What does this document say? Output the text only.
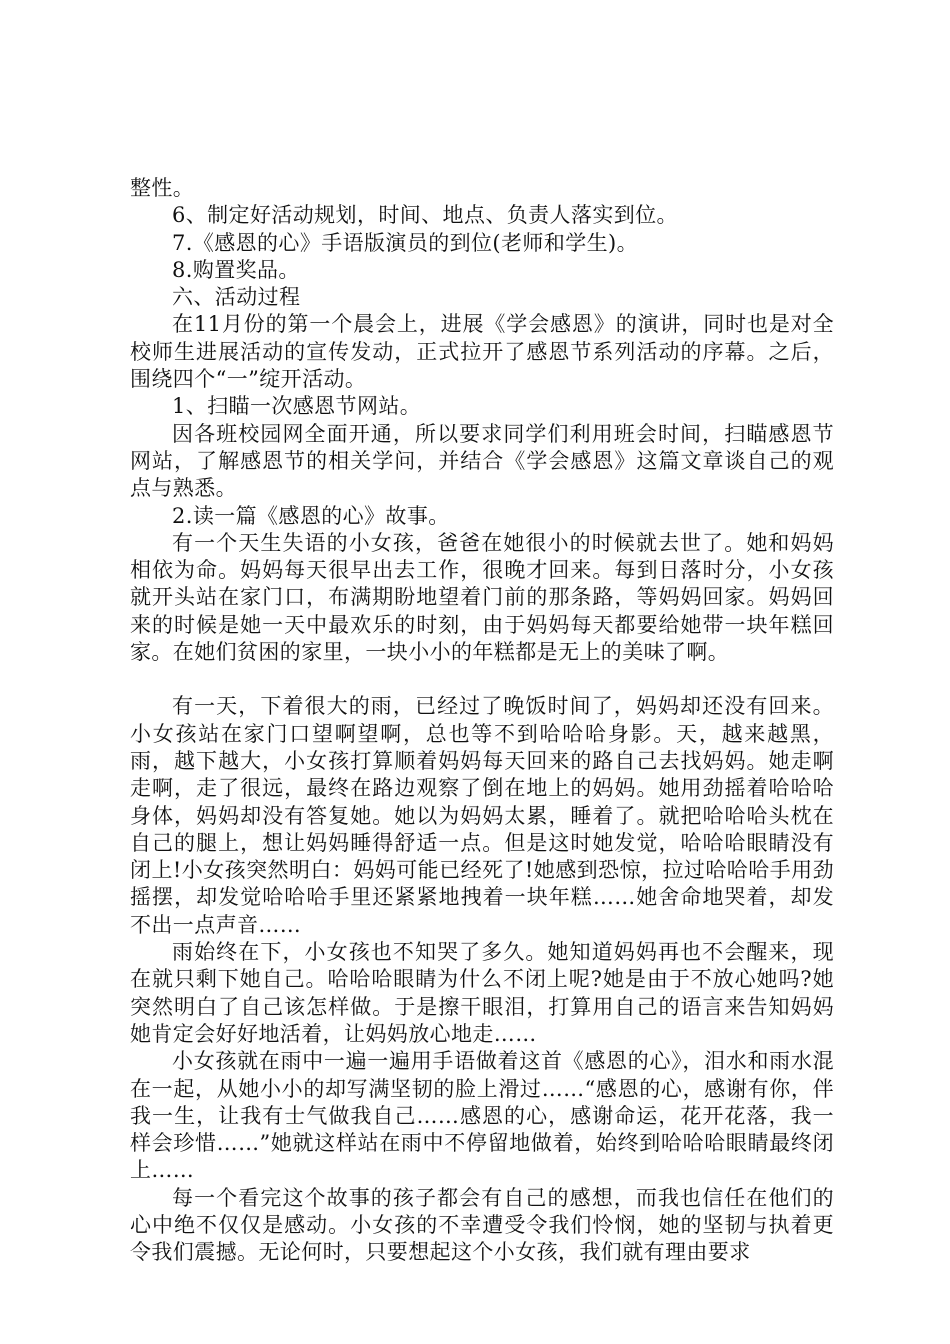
整性。

6、制定好活动规划，时间、地点、负责人落实到位。

7.《感恩的心》手语版演员的到位(老师和学生)。

8.购置奖品。

六、活动过程

在11月份的第一个晨会上，进展《学会感恩》的演讲，同时也是对全校师生进展活动的宣传发动，正式拉开了感恩节系列活动的序幕。之后，围绕四个“一”绽开活动。

1、扫瞄一次感恩节网站。

因各班校园网全面开通，所以要求同学们利用班会时间，扫瞄感恩节网站，了解感恩节的相关学问，并结合《学会感恩》这篇文章谈自己的观点与熟悉。

2.读一篇《感恩的心》故事。

有一个天生失语的小女孩，爸爸在她很小的时候就去世了。她和妈妈相依为命。妈妈每天很早出去工作，很晚才回来。每到日落时分，小女孩就开头站在家门口，布满期盼地望着门前的那条路，等妈妈回家。妈妈回来的时候是她一天中最欢乐的时刻，由于妈妈每天都要给她带一块年糕回家。在她们贫困的家里，一块小小的年糕都是无上的美味了啊。

有一天，下着很大的雨，已经过了晚饭时间了，妈妈却还没有回来。小女孩站在家门口望啊望啊，总也等不到哈哈哈身影。天，越来越黑，雨，越下越大，小女孩打算顺着妈妈每天回来的路自己去找妈妈。她走啊走啊，走了很远，最终在路边观察了倒在地上的妈妈。她用劲摇着哈哈哈身体，妈妈却没有答复她。她以为妈妈太累，睡着了。就把哈哈哈头枕在自己的腿上，想让妈妈睡得舒适一点。但是这时她发觉，哈哈哈眼睛没有闭上!小女孩突然明白：妈妈可能已经死了!她感到恐惊，拉过哈哈哈手用劲摇摆，却发觉哈哈哈手里还紧紧地拽着一块年糕……她舍命地哭着，却发不出一点声音……

雨始终在下，小女孩也不知哭了多久。她知道妈妈再也不会醒来，现在就只剩下她自己。哈哈哈眼睛为什么不闭上呢?她是由于不放心她吗?她突然明白了自己该怎样做。于是擦干眼泪，打算用自己的语言来告知妈妈她肯定会好好地活着，让妈妈放心地走……

小女孩就在雨中一遍一遍用手语做着这首《感恩的心》，泪水和雨水混在一起，从她小小的却写满坚韧的脸上滑过……“感恩的心，感谢有你，伴我一生，让我有士气做我自己……感恩的心，感谢命运，花开花落，我一样会珍惜……”她就这样站在雨中不停留地做着，始终到哈哈哈眼睛最终闭上……

每一个看完这个故事的孩子都会有自己的感想，而我也信任在他们的心中绝不仅仅是感动。小女孩的不幸遭受令我们怜悯，她的坚韧与执着更令我们震撼。无论何时，只要想起这个小女孩，我们就有理由要求
